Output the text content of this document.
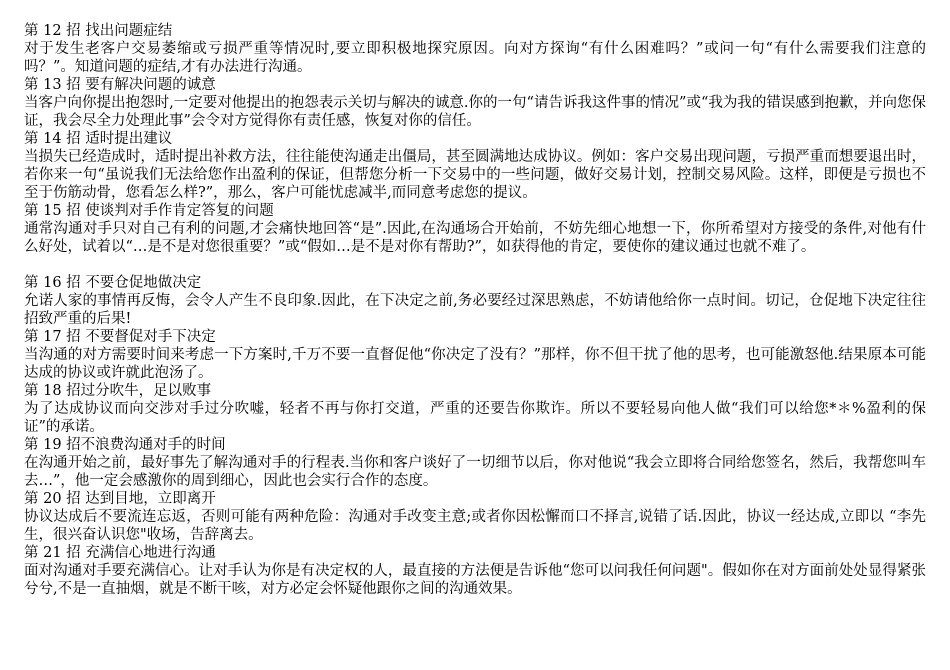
第 12 招 找出问题症结
对于发生老客户交易萎缩或亏损严重等情况时,要立即积极地探究原因。向对方探询“有什么困难吗？”或问一句“有什么需要我们注意的吗？”。知道问题的症结,才有办法进行沟通。
第 13 招 要有解决问题的诚意
当客户向你提出抱怨时,一定要对他提出的抱怨表示关切与解决的诚意.你的一句“请告诉我这件事的情况”或“我为我的错误感到抱歉，并向您保证，我会尽全力处理此事”会令对方觉得你有责任感，恢复对你的信任。
第 14 招 适时提出建议
当损失已经造成时，适时提出补救方法，往往能使沟通走出僵局，甚至圆满地达成协议。例如：客户交易出现问题，亏损严重而想要退出时，若你来一句“虽说我们无法给您作出盈利的保证，但帮您分析一下交易中的一些问题，做好交易计划，控制交易风险。这样，即便是亏损也不至于伤筋动骨，您看怎么样?”，那么，客户可能忧虑减半,而同意考虑您的提议。
第 15 招 使谈判对手作肯定答复的问题
通常沟通对手只对自己有利的问题,才会痛快地回答“是”.因此,在沟通场合开始前，不妨先细心地想一下，你所希望对方接受的条件,对他有什么好处，试着以“…是不是对您很重要？”或“假如…是不是对你有帮助?”，如获得他的肯定，要使你的建议通过也就不难了。
第 16 招 不要仓促地做决定
允诺人家的事情再反悔，会令人产生不良印象.因此，在下决定之前,务必要经过深思熟虑，不妨请他给你一点时间。切记，仓促地下决定往往招致严重的后果!
第 17 招 不要督促对手下决定
当沟通的对方需要时间来考虑一下方案时,千万不要一直督促他“你决定了没有？”那样，你不但干扰了他的思考，也可能激怒他.结果原本可能达成的协议或许就此泡汤了。
第 18 招过分吹牛，足以败事
为了达成协议而向交涉对手过分吹嘘，轻者不再与你打交道，严重的还要告你欺诈。所以不要轻易向他人做“我们可以给您*＊%盈利的保证”的承诺。
第 19 招不浪费沟通对手的时间
在沟通开始之前，最好事先了解沟通对手的行程表.当你和客户谈好了一切细节以后，你对他说“我会立即将合同给您签名，然后，我帮您叫车去…”，他一定会感激你的周到细心，因此也会实行合作的态度。
第 20 招 达到目地，立即离开
协议达成后不要流连忘返，否则可能有两种危险：沟通对手改变主意;或者你因松懈而口不择言,说错了话.因此，协议一经达成,立即以 “李先生，很兴奋认识您"收场，告辞离去。
第 21 招 充满信心地进行沟通
面对沟通对手要充满信心。让对手认为你是有决定权的人，最直接的方法便是告诉他“您可以问我任何问题"。假如你在对方面前处处显得紧张兮兮,不是一直抽烟，就是不断干咳，对方必定会怀疑他跟你之间的沟通效果。
